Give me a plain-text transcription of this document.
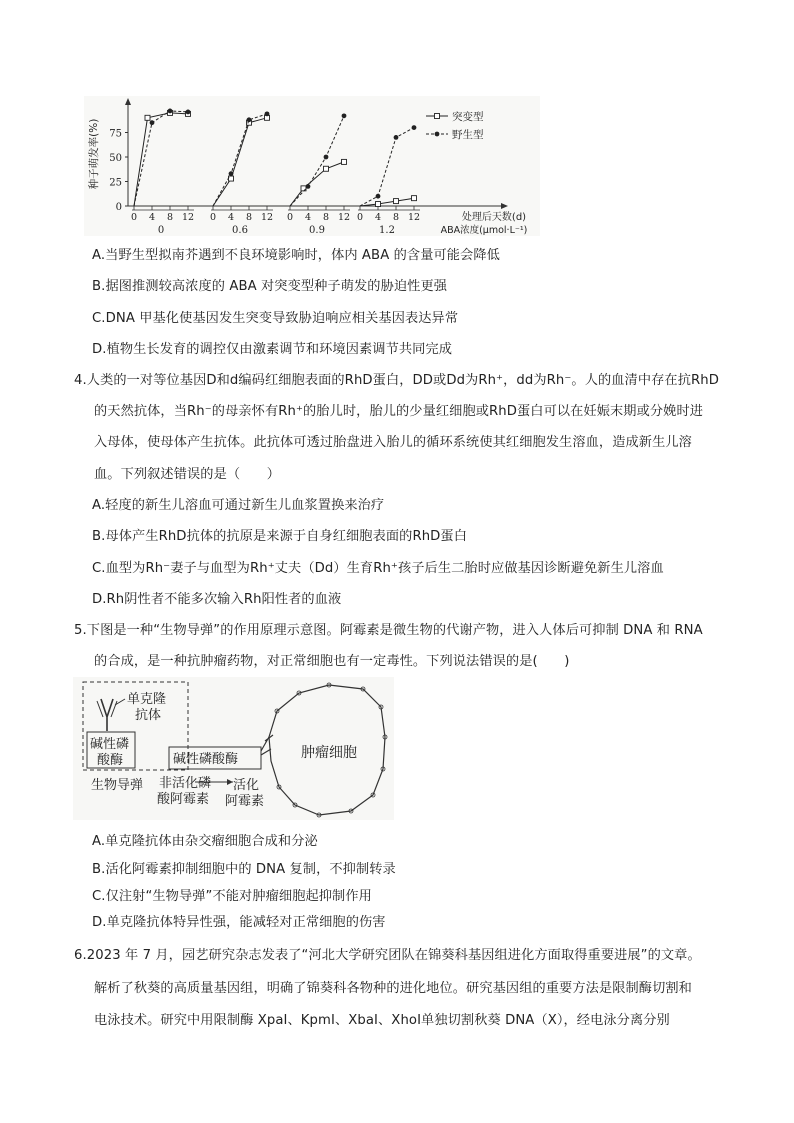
0
25
50
75
种子萌发率(%)
0 4 8 12
0
0 4 8 12
0.6
0 4 8 12
0.9
0 4 8 12
1.2
处理后天数(d)
ABA浓度(μmol·L⁻¹)
突变型
野生型
A.当野生型拟南芥遇到不良环境影响时，体内 ABA 的含量可能会降低
B.据图推测较高浓度的 ABA 对突变型种子萌发的胁迫性更强
C.DNA 甲基化使基因发生突变导致胁迫响应相关基因表达异常
D.植物生长发育的调控仅由激素调节和环境因素调节共同完成
4.人类的一对等位基因D和d编码红细胞表面的RhD蛋白，DD或Dd为Rh⁺，dd为Rh⁻。人的血清中存在抗RhD
的天然抗体，当Rh⁻的母亲怀有Rh⁺的胎儿时，胎儿的少量红细胞或RhD蛋白可以在妊娠末期或分娩时进
入母体，使母体产生抗体。此抗体可透过胎盘进入胎儿的循环系统使其红细胞发生溶血，造成新生儿溶
血。下列叙述错误的是（　　）
A.轻度的新生儿溶血可通过新生儿血浆置换来治疗
B.母体产生RhD抗体的抗原是来源于自身红细胞表面的RhD蛋白
C.血型为Rh⁻妻子与血型为Rh⁺丈夫（Dd）生育Rh⁺孩子后生二胎时应做基因诊断避免新生儿溶血
D.Rh阴性者不能多次输入Rh阳性者的血液
5.下图是一种“生物导弹”的作用原理示意图。阿霉素是微生物的代谢产物，进入人体后可抑制 DNA 和 RNA
的合成，是一种抗肿瘤药物，对正常细胞也有一定毒性。下列说法错误的是(　　)
单克隆
抗体
碱性磷
酸酶	碱性磷酸酶
生物导弹 非活化磷
酸阿霉素
活化
阿霉素
肿瘤细胞
A.单克隆抗体由杂交瘤细胞合成和分泌
B.活化阿霉素抑制细胞中的 DNA 复制，不抑制转录
C.仅注射“生物导弹”不能对肿瘤细胞起抑制作用
D.单克隆抗体特异性强，能减轻对正常细胞的伤害
6.2023 年 7 月，园艺研究杂志发表了“河北大学研究团队在锦葵科基因组进化方面取得重要进展”的文章。
解析了秋葵的高质量基因组，明确了锦葵科各物种的进化地位。研究基因组的重要方法是限制酶切割和
电泳技术。研究中用限制酶 XpaⅠ、KpmⅠ、XbaⅠ、XhoⅠ单独切割秋葵 DNA（X），经电泳分离分别
